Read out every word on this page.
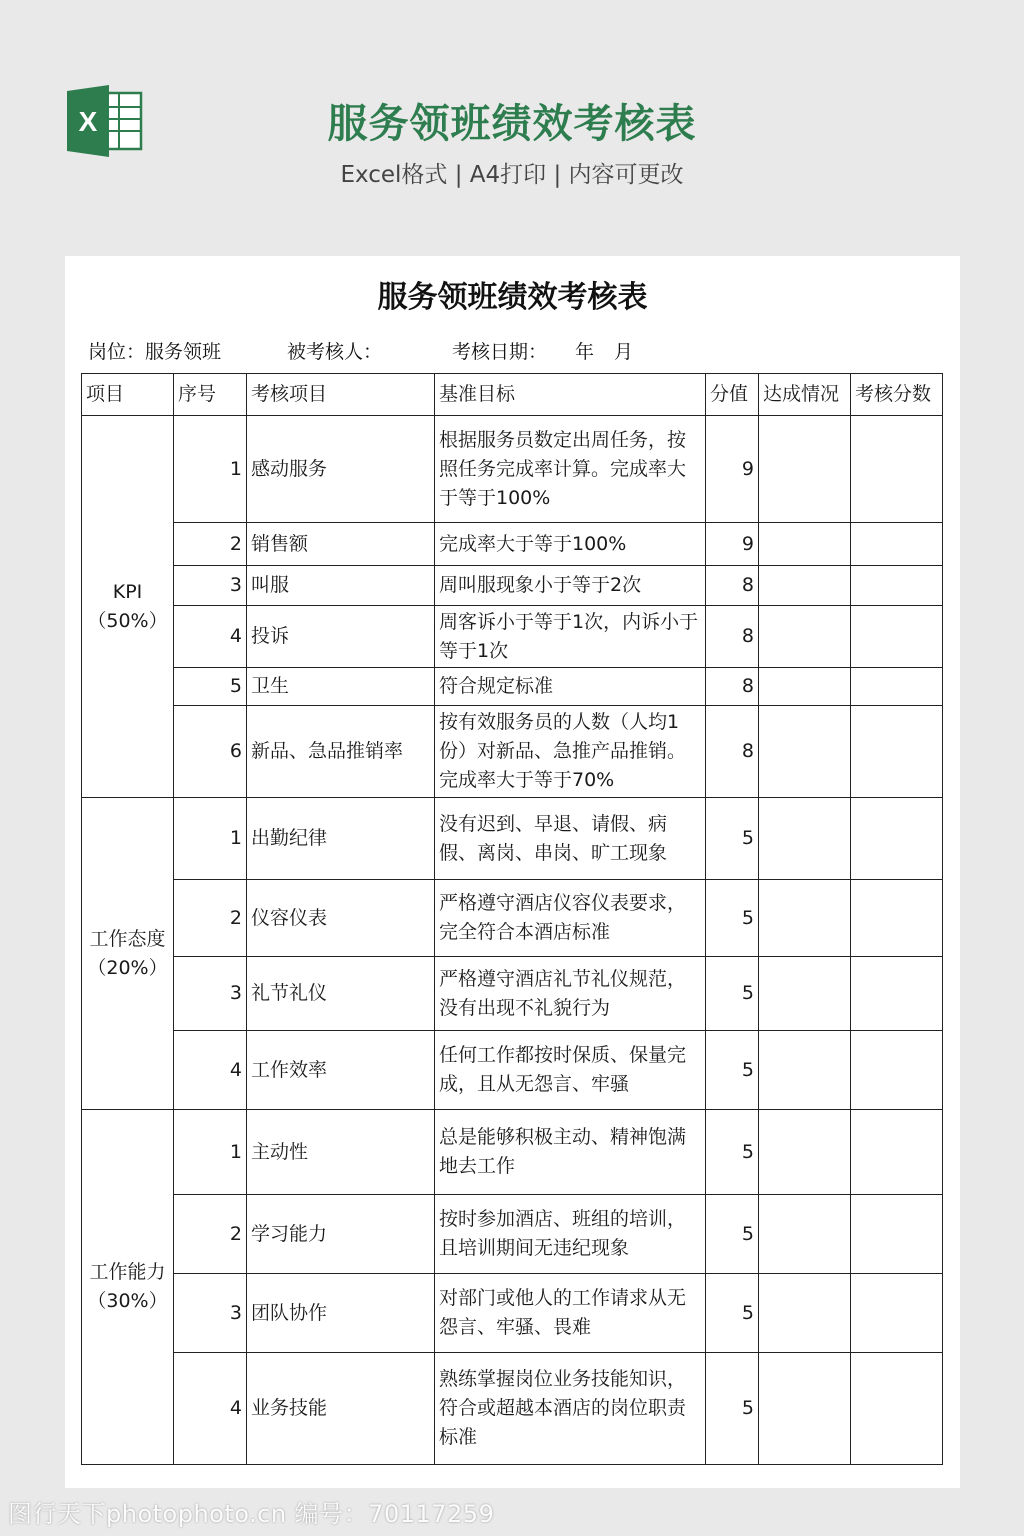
X	服务领班绩效考核表
Excel格式 | A4打印 | 内容可更改
服务领班绩效考核表
岗位：服务领班	被考核人：	考核日期： 年 月
项目	序号	考核项目	基准目标	分值	达成情况	考核分数
KPI（50%）	1	感动服务	根据服务员数定出周任务，按照任务完成率计算。完成率大于等于100%	9		
	2	销售额	完成率大于等于100%	9		
	3	叫服	周叫服现象小于等于2次	8		
	4	投诉	周客诉小于等于1次，内诉小于等于1次	8		
	5	卫生	符合规定标准	8		
	6	新品、急品推销率	按有效服务员的人数（人均1份）对新品、急推产品推销。完成率大于等于70%	8		
工作态度（20%）	1	出勤纪律	没有迟到、早退、请假、病假、离岗、串岗、旷工现象	5		
	2	仪容仪表	严格遵守酒店仪容仪表要求，完全符合本酒店标准	5		
	3	礼节礼仪	严格遵守酒店礼节礼仪规范，没有出现不礼貌行为	5		
	4	工作效率	任何工作都按时保质、保量完成，且从无怨言、牢骚	5		
工作能力（30%）	1	主动性	总是能够积极主动、精神饱满地去工作	5		
	2	学习能力	按时参加酒店、班组的培训，且培训期间无违纪现象	5		
	3	团队协作	对部门或他人的工作请求从无怨言、牢骚、畏难	5		
	4	业务技能	熟练掌握岗位业务技能知识，符合或超越本酒店的岗位职责标准	5		
图行天下photophoto.cn 编号：70117259
